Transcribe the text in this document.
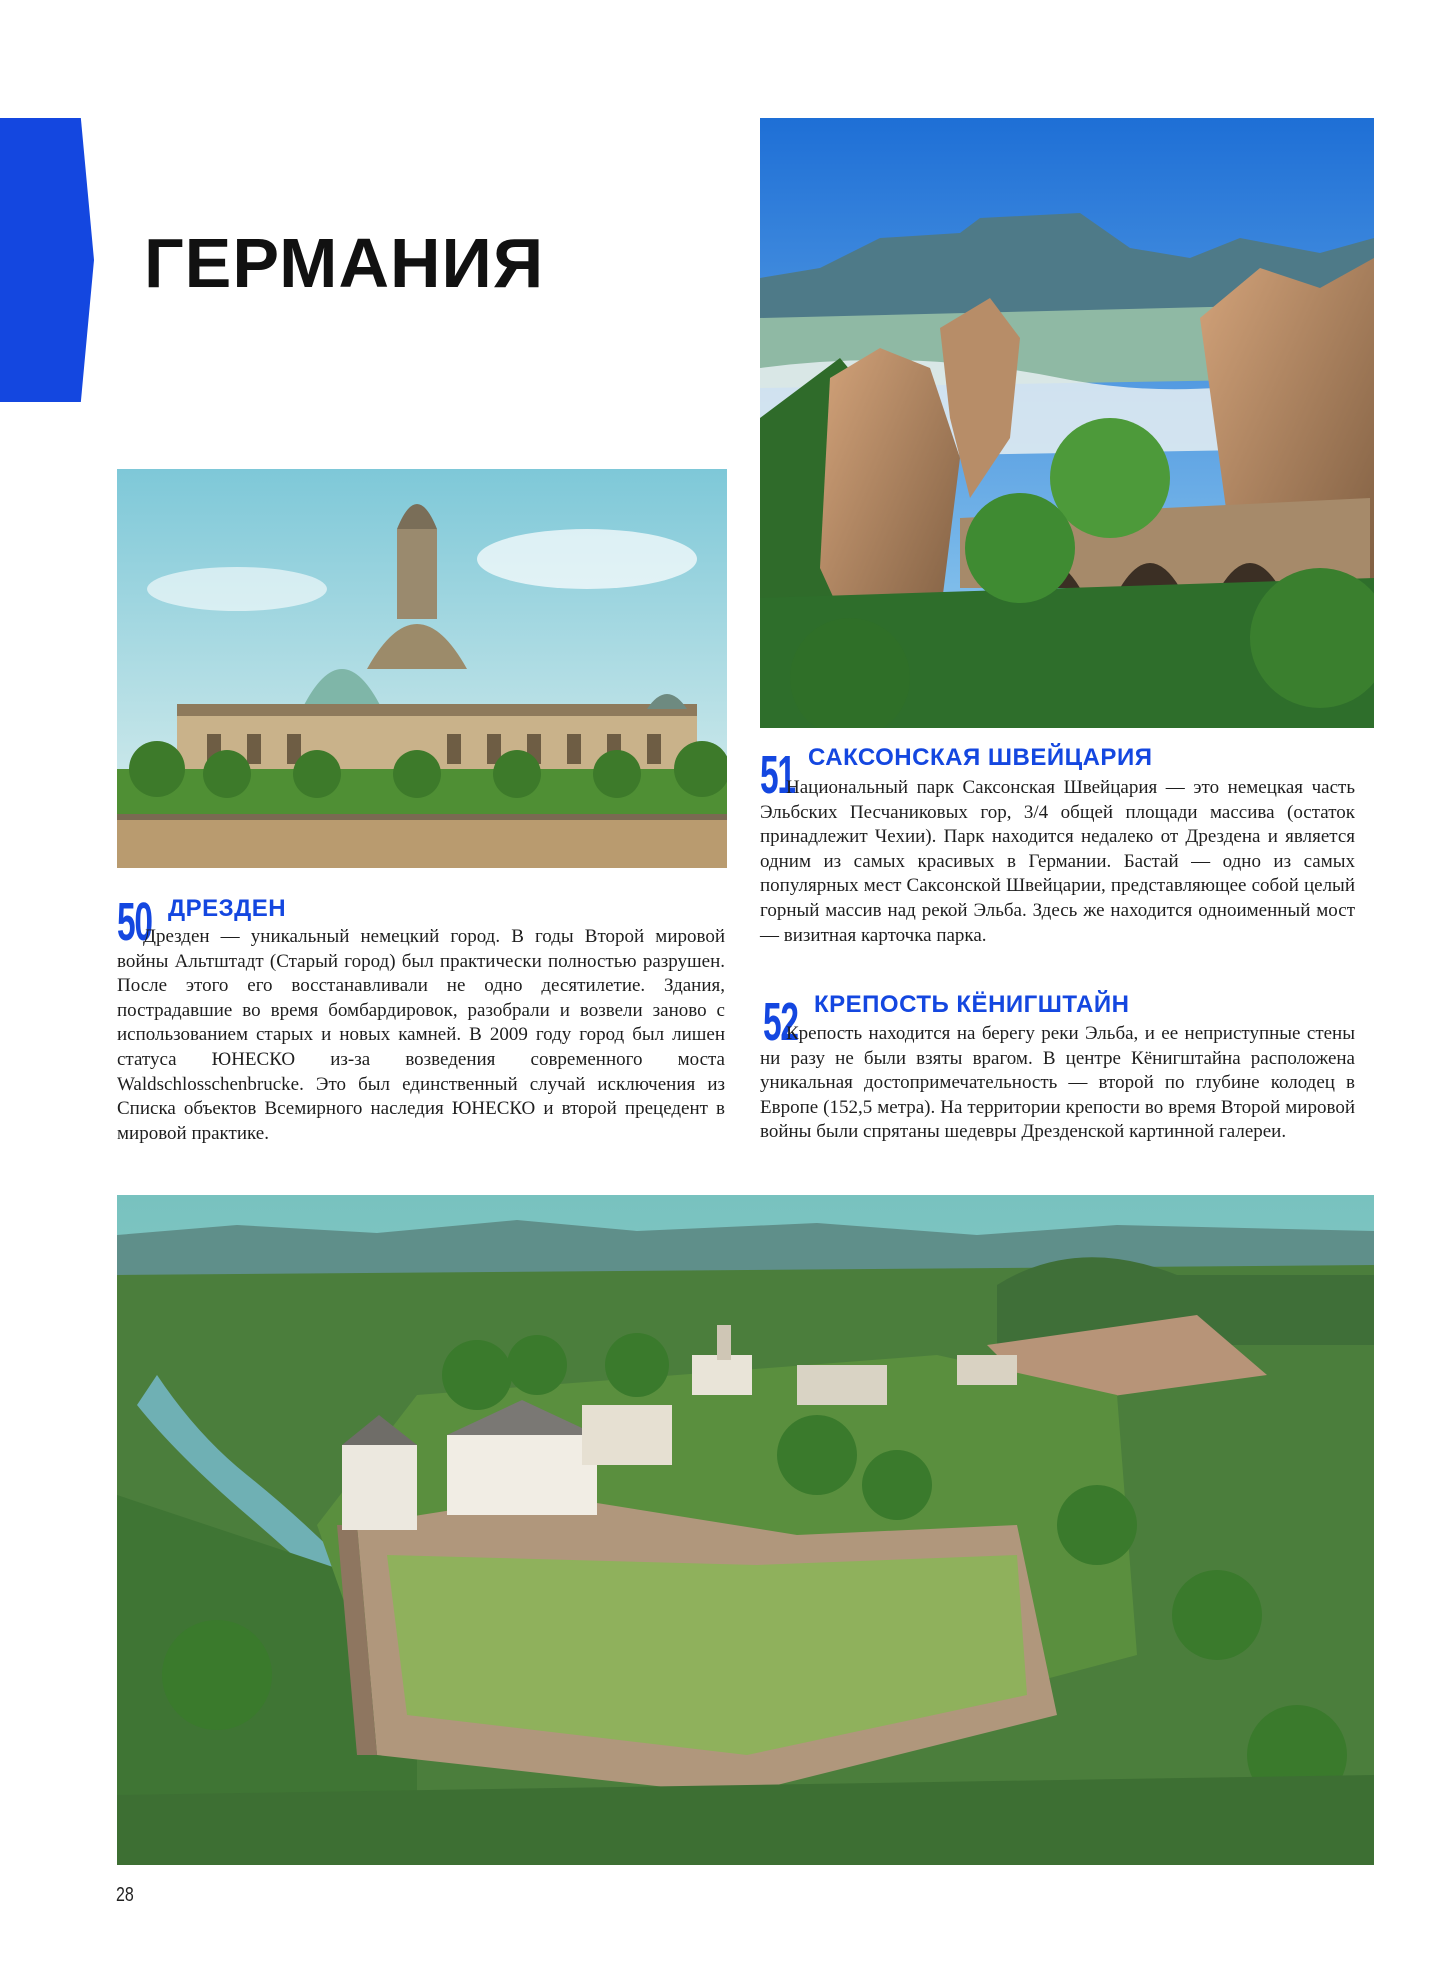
ГЕРМАНИЯ
50 ДРЕЗДЕН

Дрезден — уникальный немецкий город. В годы Второй мировой войны Альтштадт (Старый город) был практически полностью разрушен. После этого его восстанавливали не одно десятилетие. Здания, пострадавшие во время бомбардировок, разобрали и возвели заново с использованием старых и новых камней. В 2009 году город был лишен статуса ЮНЕСКО из-за возведения современного моста Waldschlosschenbrucke. Это был единственный случай исключения из Списка объектов Всемирного наследия ЮНЕСКО и второй прецедент в мировой практике.

51 САКСОНСКАЯ ШВЕЙЦАРИЯ

Национальный парк Саксонская Швейцария — это немецкая часть Эльбских Песчаниковых гор, 3/4 общей площади массива (остаток принадлежит Чехии). Парк находится недалеко от Дрездена и является одним из самых красивых в Германии. Бастай — одно из самых популярных мест Саксонской Швейцарии, представляющее собой целый горный массив над рекой Эльба. Здесь же находится одноименный мост — визитная карточка парка.

52 КРЕПОСТЬ КЁНИГШТАЙН

Крепость находится на берегу реки Эльба, и ее неприступные стены ни разу не были взяты врагом. В центре Кёнигштайна расположена уникальная достопримечательность — второй по глубине колодец в Европе (152,5 метра). На территории крепости во время Второй мировой войны были спрятаны шедевры Дрезденской картинной галереи.

28
